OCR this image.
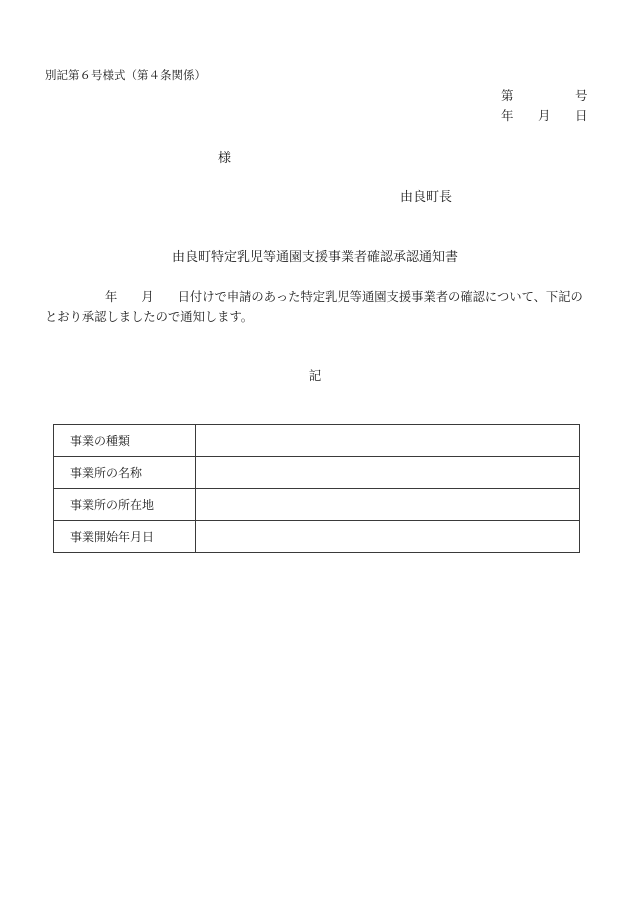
別記第６号様式（第４条関係）
第	号
年 月 日
様
由良町長
由良町特定乳児等通園支援事業者確認承認通知書
年 月 日付けで申請のあった特定乳児等通園支援事業者の確認について、下記のとおり承認しましたので通知します。
記
事業の種類	
事業所の名称	
事業所の所在地	
事業開始年月日	
